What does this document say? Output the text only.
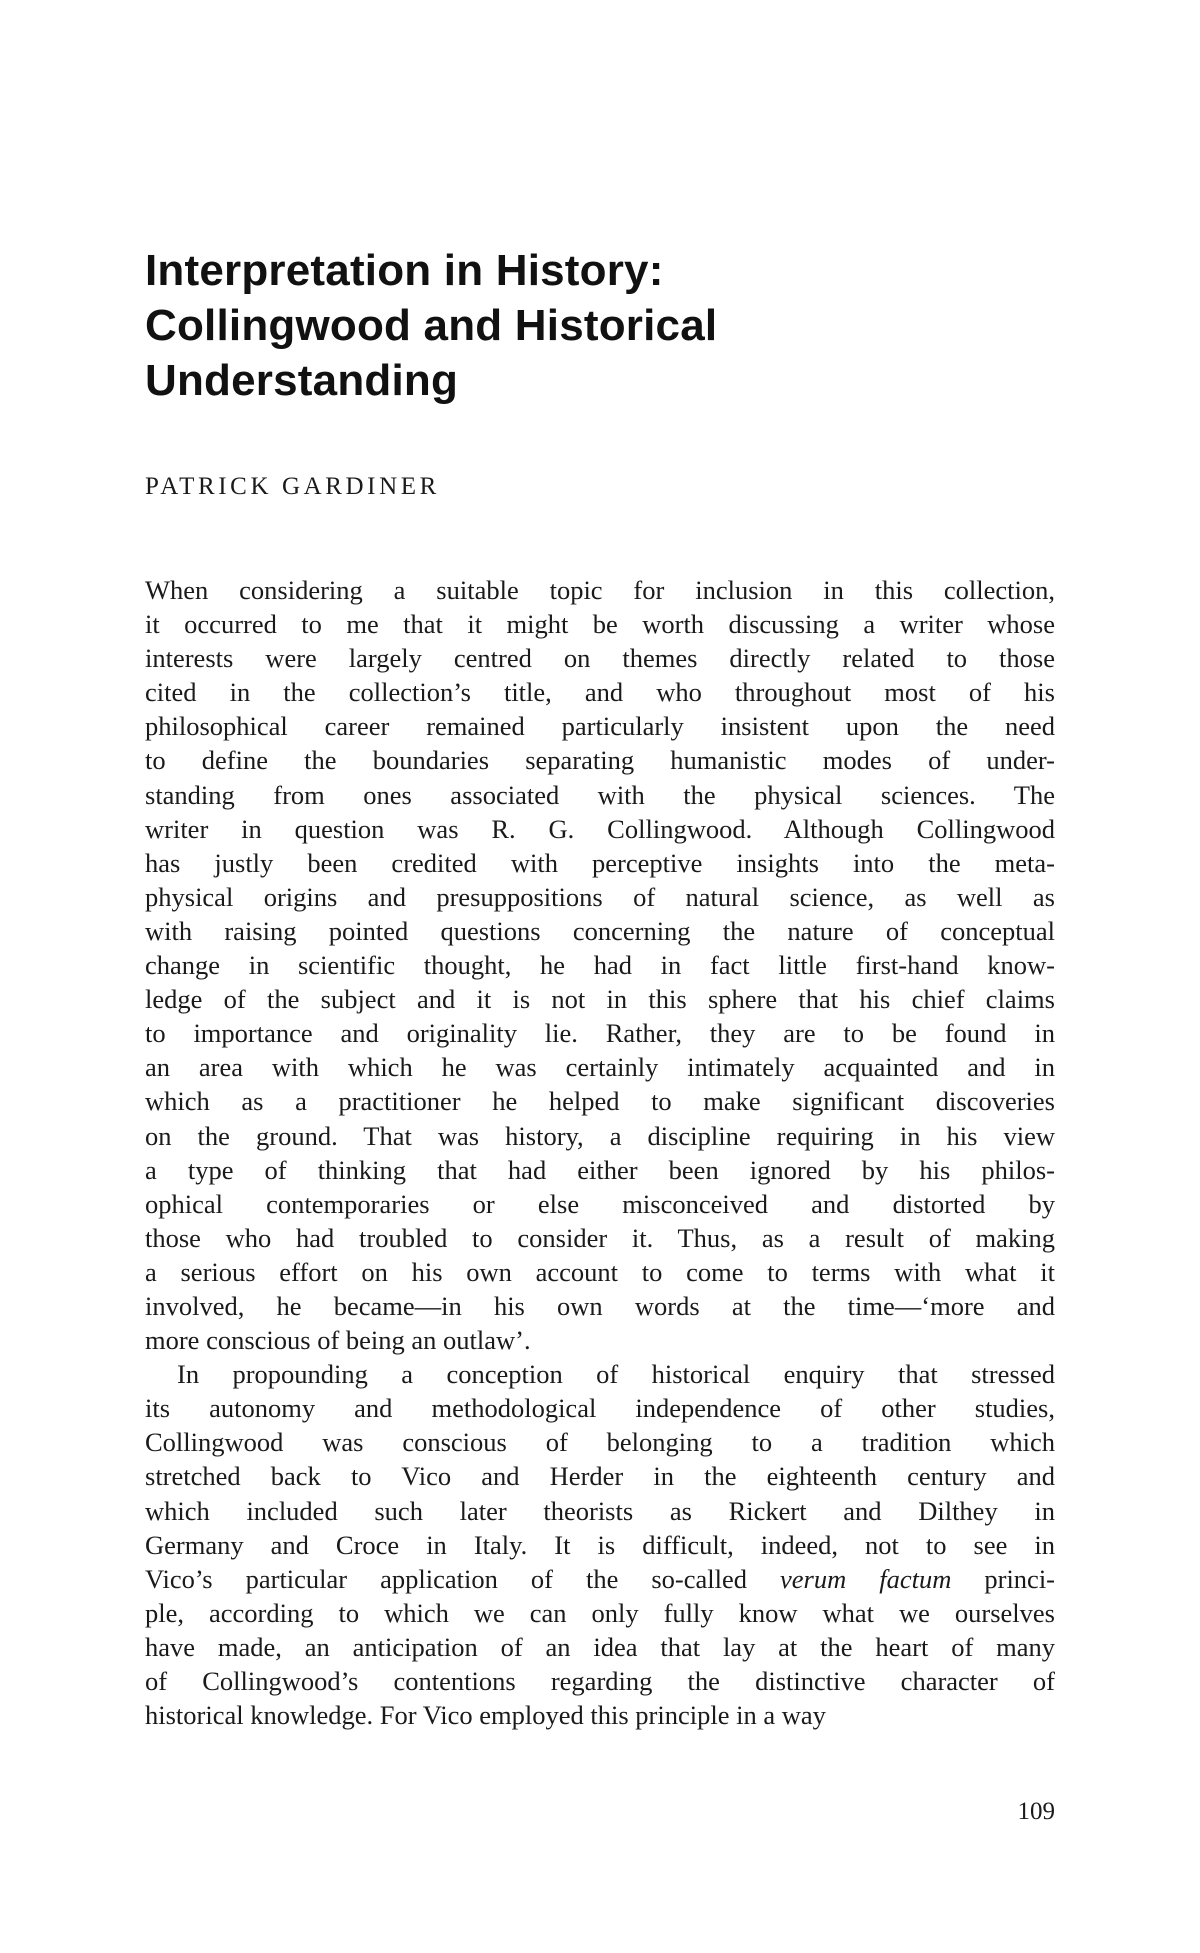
Interpretation in History:
Collingwood and Historical
Understanding

PATRICK GARDINER

When considering a suitable topic for inclusion in this collection,
it occurred to me that it might be worth discussing a writer whose
interests were largely centred on themes directly related to those
cited in the collection’s title, and who throughout most of his
philosophical career remained particularly insistent upon the need
to define the boundaries separating humanistic modes of under-
standing from ones associated with the physical sciences. The
writer in question was R. G. Collingwood. Although Collingwood
has justly been credited with perceptive insights into the meta-
physical origins and presuppositions of natural science, as well as
with raising pointed questions concerning the nature of conceptual
change in scientific thought, he had in fact little first-hand know-
ledge of the subject and it is not in this sphere that his chief claims
to importance and originality lie. Rather, they are to be found in
an area with which he was certainly intimately acquainted and in
which as a practitioner he helped to make significant discoveries
on the ground. That was history, a discipline requiring in his view
a type of thinking that had either been ignored by his philos-
ophical contemporaries or else misconceived and distorted by
those who had troubled to consider it. Thus, as a result of making
a serious effort on his own account to come to terms with what it
involved, he became—in his own words at the time—‘more and
more conscious of being an outlaw’.

In propounding a conception of historical enquiry that stressed
its autonomy and methodological independence of other studies,
Collingwood was conscious of belonging to a tradition which
stretched back to Vico and Herder in the eighteenth century and
which included such later theorists as Rickert and Dilthey in
Germany and Croce in Italy. It is difficult, indeed, not to see in
Vico’s particular application of the so-called verum factum princi-
ple, according to which we can only fully know what we ourselves
have made, an anticipation of an idea that lay at the heart of many
of Collingwood’s contentions regarding the distinctive character of
historical knowledge. For Vico employed this principle in a way

109
